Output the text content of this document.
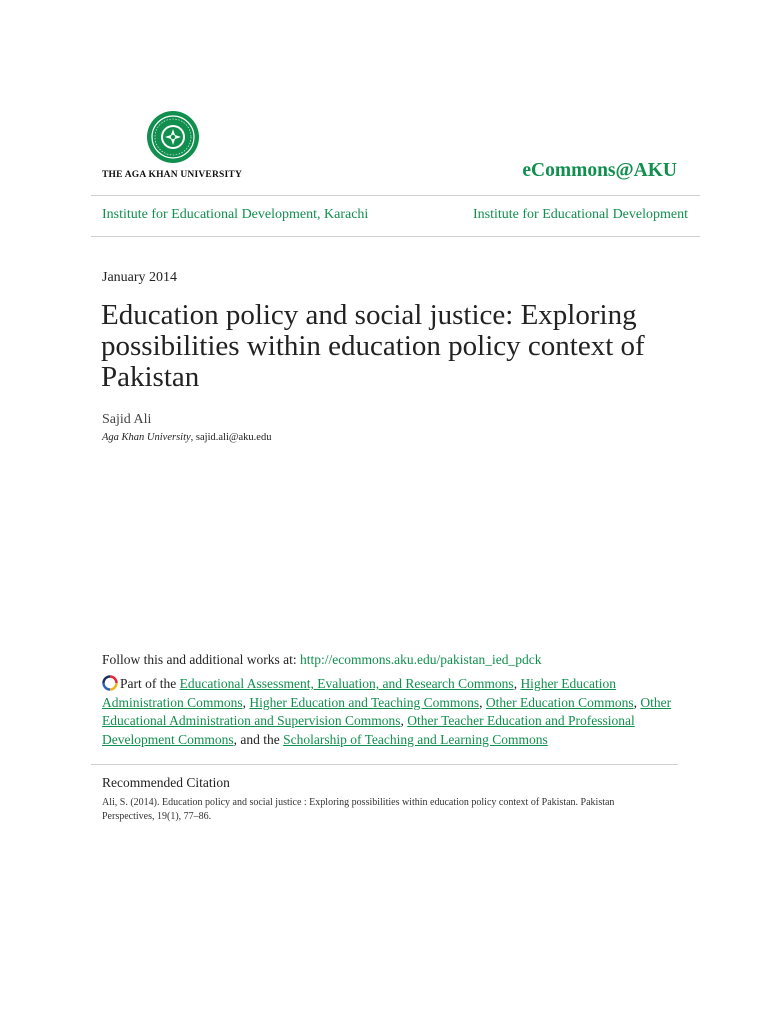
THE AGA KHAN UNIVERSITY	eCommons@AKU
Institute for Educational Development, Karachi	Institute for Educational Development
January 2014
Education policy and social justice: Exploring possibilities within education policy context of Pakistan
Sajid Ali
Aga Khan University, sajid.ali@aku.edu
Follow this and additional works at: http://ecommons.aku.edu/pakistan_ied_pdck
Part of the Educational Assessment, Evaluation, and Research Commons, Higher Education Administration Commons, Higher Education and Teaching Commons, Other Education Commons, Other Educational Administration and Supervision Commons, Other Teacher Education and Professional Development Commons, and the Scholarship of Teaching and Learning Commons
Recommended Citation
Ali, S. (2014). Education policy and social justice : Exploring possibilities within education policy context of Pakistan. Pakistan Perspectives, 19(1), 77–86.
